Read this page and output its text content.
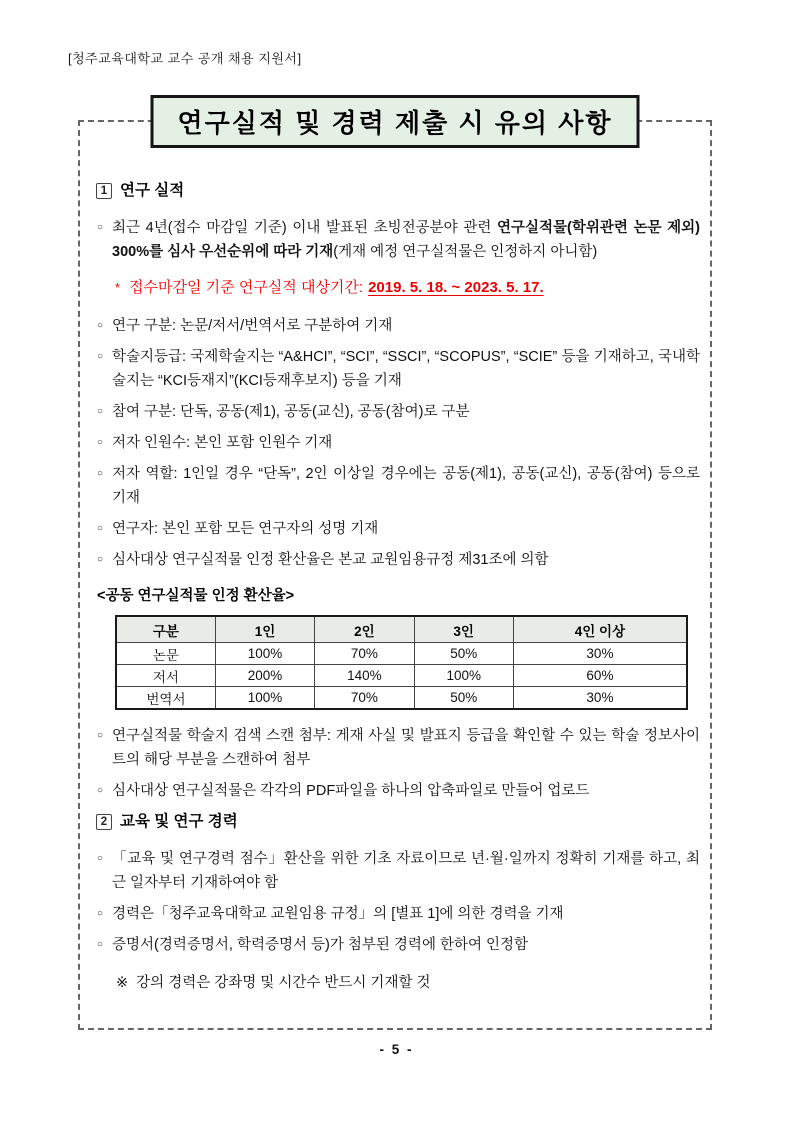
[청주교육대학교 교수 공개 채용 지원서]
연구실적 및 경력 제출 시 유의 사항
1 연구 실적
○ 최근 4년(접수 마감일 기준) 이내 발표된 초빙전공분야 관련 연구실적물(학위관련 논문 제외) 300%를 심사 우선순위에 따라 기재(게재 예정 연구실적물은 인정하지 아니함)
* 접수마감일 기준 연구실적 대상기간: 2019. 5. 18. ~ 2023. 5. 17.
○ 연구 구분: 논문/저서/번역서로 구분하여 기재
○ 학술지등급: 국제학술지는 “A&HCI”, “SCI”, “SSCI”, “SCOPUS”, “SCIE” 등을 기재하고, 국내학술지는 “KCI등재지”(KCI등재후보지) 등을 기재
○ 참여 구분: 단독, 공동(제1), 공동(교신), 공동(참여)로 구분
○ 저자 인원수: 본인 포함 인원수 기재
○ 저자 역할: 1인일 경우 “단독”, 2인 이상일 경우에는 공동(제1), 공동(교신), 공동(참여) 등으로 기재
○ 연구자: 본인 포함 모든 연구자의 성명 기재
○ 심사대상 연구실적물 인정 환산율은 본교 교원임용규정 제31조에 의함
<공동 연구실적물 인정 환산율>
구분	1인	2인	3인	4인 이상
논문	100%	70%	50%	30%
저서	200%	140%	100%	60%
번역서	100%	70%	50%	30%
○ 연구실적물 학술지 검색 스캔 첨부: 게재 사실 및 발표지 등급을 확인할 수 있는 학술 정보사이트의 해당 부분을 스캔하여 첨부
○ 심사대상 연구실적물은 각각의 PDF파일을 하나의 압축파일로 만들어 업로드
2 교육 및 연구 경력
○ 「교육 및 연구경력 점수」환산을 위한 기초 자료이므로 년·월·일까지 정확히 기재를 하고, 최근 일자부터 기재하여야 함
○ 경력은「청주교육대학교 교원임용 규정」의 [별표 1]에 의한 경력을 기재
○ 증명서(경력증명서, 학력증명서 등)가 첨부된 경력에 한하여 인정함
※ 강의 경력은 강좌명 및 시간수 반드시 기재할 것
- 5 -
